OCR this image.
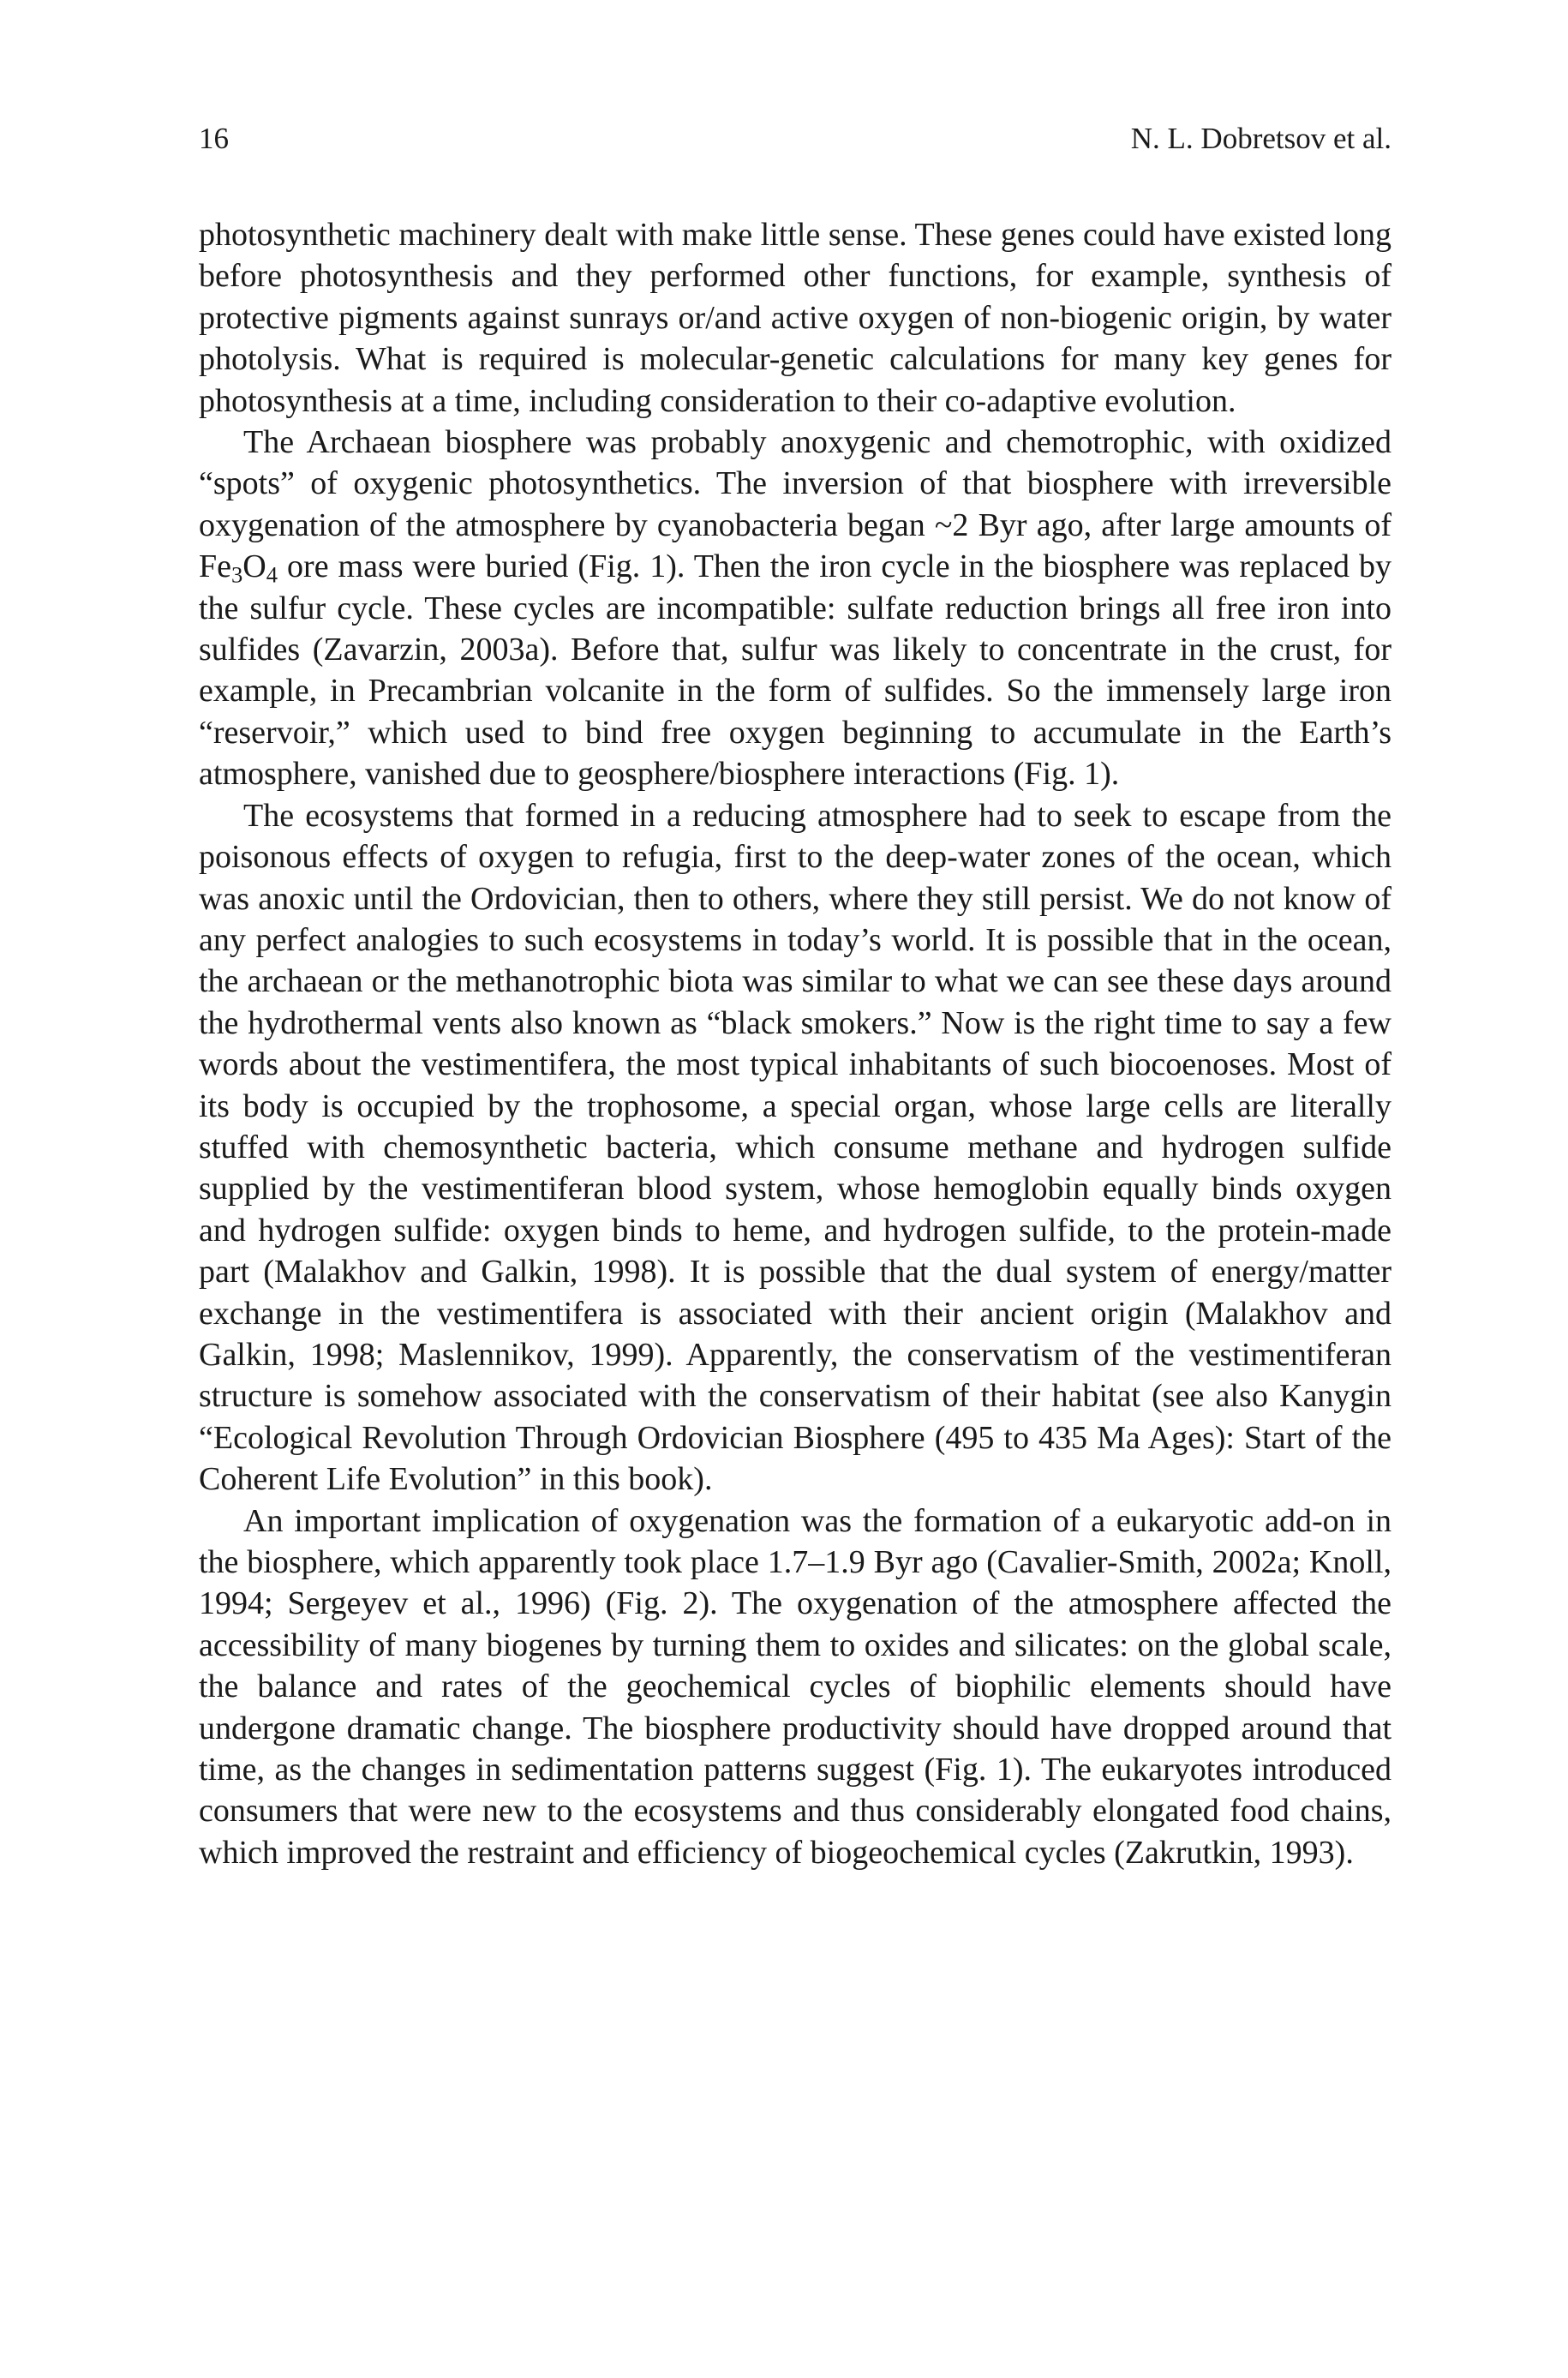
16	N. L. Dobretsov et al.

photosynthetic machinery dealt with make little sense. These genes could have existed long before photosynthesis and they performed other functions, for example, synthesis of protective pigments against sunrays or/and active oxygen of non-biogenic origin, by water photolysis. What is required is molecular-genetic calculations for many key genes for photosynthesis at a time, including consideration to their co-adaptive evolution.

The Archaean biosphere was probably anoxygenic and chemotrophic, with oxidized “spots” of oxygenic photosynthetics. The inversion of that biosphere with irreversible oxygenation of the atmosphere by cyanobacteria began ~2 Byr ago, after large amounts of $Fe_3O_4$ ore mass were buried (Fig. 1). Then the iron cycle in the biosphere was replaced by the sulfur cycle. These cycles are incompatible: sulfate reduction brings all free iron into sulfides (Zavarzin, 2003a). Before that, sulfur was likely to concentrate in the crust, for example, in Precambrian volcanite in the form of sulfides. So the immensely large iron “reservoir,” which used to bind free oxygen beginning to accumulate in the Earth’s atmosphere, vanished due to geosphere/biosphere interactions (Fig. 1).

The ecosystems that formed in a reducing atmosphere had to seek to escape from the poisonous effects of oxygen to refugia, first to the deep-water zones of the ocean, which was anoxic until the Ordovician, then to others, where they still persist. We do not know of any perfect analogies to such ecosystems in today’s world. It is possible that in the ocean, the archaean or the methanotrophic biota was similar to what we can see these days around the hydrothermal vents also known as “black smokers.” Now is the right time to say a few words about the vestimentifera, the most typical inhabitants of such biocoenoses. Most of its body is occupied by the trophosome, a special organ, whose large cells are literally stuffed with chemosynthetic bacteria, which consume methane and hydrogen sulfide supplied by the vestimentiferan blood system, whose hemoglobin equally binds oxygen and hydrogen sulfide: oxygen binds to heme, and hydrogen sulfide, to the protein-made part (Malakhov and Galkin, 1998). It is possible that the dual system of energy/matter exchange in the vestimentifera is associated with their ancient origin (Malakhov and Galkin, 1998; Maslennikov, 1999). Apparently, the conservatism of the vestimentiferan structure is somehow associated with the conservatism of their habitat (see also Kanygin “Ecological Revolution Through Ordovician Biosphere (495 to 435 Ma Ages): Start of the Coherent Life Evolution” in this book).

An important implication of oxygenation was the formation of a eukaryotic add-on in the biosphere, which apparently took place 1.7–1.9 Byr ago (Cavalier-Smith, 2002a; Knoll, 1994; Sergeyev et al., 1996) (Fig. 2). The oxygenation of the atmosphere affected the accessibility of many biogenes by turning them to oxides and silicates: on the global scale, the balance and rates of the geochemical cycles of biophilic elements should have undergone dramatic change. The biosphere productivity should have dropped around that time, as the changes in sedimentation patterns suggest (Fig. 1). The eukaryotes introduced consumers that were new to the ecosystems and thus considerably elongated food chains, which improved the restraint and efficiency of biogeochemical cycles (Zakrutkin, 1993).
